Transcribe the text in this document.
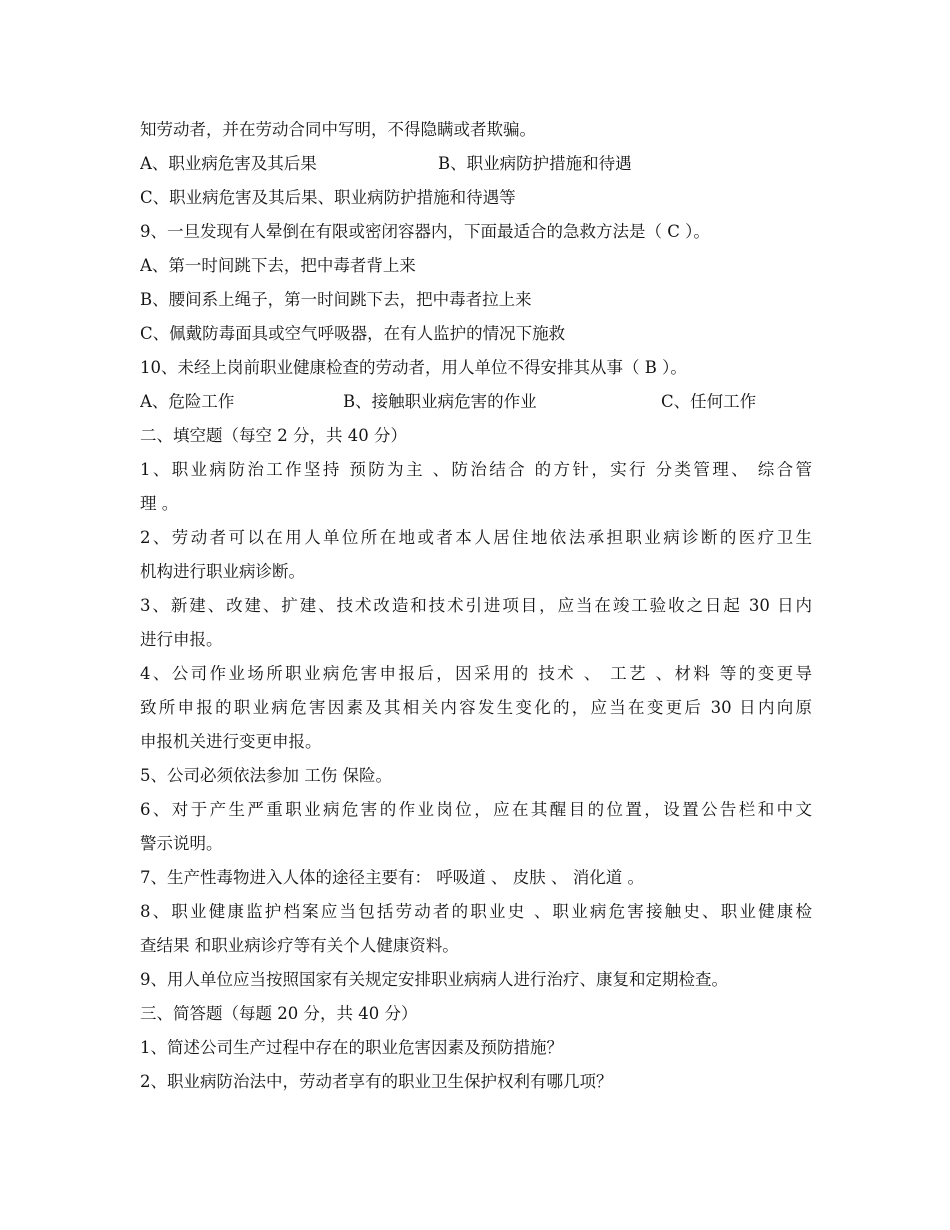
知劳动者，并在劳动合同中写明，不得隐瞒或者欺骗。
A、职业病危害及其后果	B、职业病防护措施和待遇
C、职业病危害及其后果、职业病防护措施和待遇等
9、一旦发现有人晕倒在有限或密闭容器内，下面最适合的急救方法是（ C ）。
A、第一时间跳下去，把中毒者背上来
B、腰间系上绳子，第一时间跳下去，把中毒者拉上来
C、佩戴防毒面具或空气呼吸器，在有人监护的情况下施救
10、未经上岗前职业健康检查的劳动者，用人单位不得安排其从事（ B ）。
A、危险工作	B、接触职业病危害的作业	C、任何工作
二、填空题（每空 2 分，共 40 分）
1、职业病防治工作坚持 预防为主 、防治结合 的方针，实行 分类管理、 综合管
理 。
2、劳动者可以在用人单位所在地或者本人居住地依法承担职业病诊断的医疗卫生
机构进行职业病诊断。
3、新建、改建、扩建、技术改造和技术引进项目，应当在竣工验收之日起 30 日内
进行申报。
4、公司作业场所职业病危害申报后，因采用的 技术 、 工艺 、材料 等的变更导
致所申报的职业病危害因素及其相关内容发生变化的，应当在变更后 30 日内向原
申报机关进行变更申报。
5、公司必须依法参加 工伤 保险。
6、对于产生严重职业病危害的作业岗位，应在其醒目的位置，设置公告栏和中文
警示说明。
7、生产性毒物进入人体的途径主要有： 呼吸道 、 皮肤 、 消化道 。
8、职业健康监护档案应当包括劳动者的职业史 、职业病危害接触史、职业健康检
查结果 和职业病诊疗等有关个人健康资料。
9、用人单位应当按照国家有关规定安排职业病病人进行治疗、康复和定期检查。
三、简答题（每题 20 分，共 40 分）
1、简述公司生产过程中存在的职业危害因素及预防措施？
2、职业病防治法中，劳动者享有的职业卫生保护权利有哪几项？
